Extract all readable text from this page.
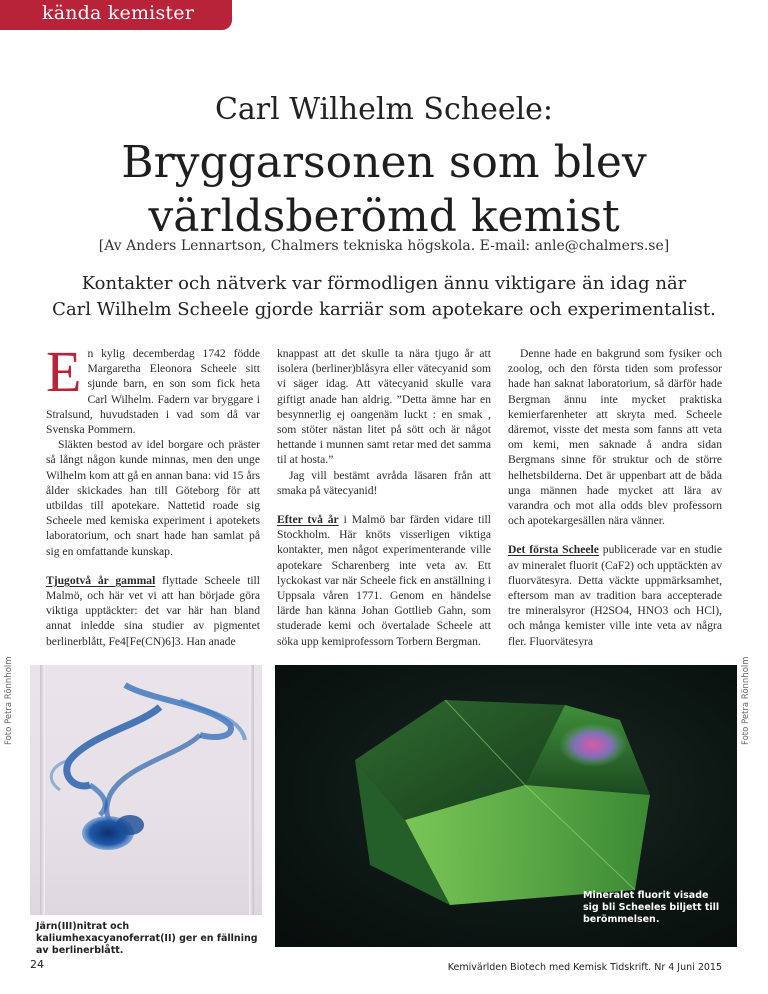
kända kemister
Carl Wilhelm Scheele:
Bryggarsonen som blev
världsberömd kemist
[Av Anders Lennartson, Chalmers tekniska högskola. E-mail: anle@chalmers.se]
Kontakter och nätverk var förmodligen ännu viktigare än idag när
Carl Wilhelm Scheele gjorde karriär som apotekare och experimentalist.

En kylig decemberdag 1742 födde Margaretha Eleonora Scheele sitt sjunde barn, en son som fick heta Carl Wilhelm. Fadern var bryggare i Stralsund, huvudstaden i vad som då var Svenska Pommern.

Släkten bestod av idel borgare och präster så långt någon kunde minnas, men den unge Wilhelm kom att gå en annan bana: vid 15 års ålder skickades han till Göteborg för att utbildas till apotekare. Nattetid roade sig Scheele med kemiska experiment i apotekets laboratorium, och snart hade han samlat på sig en omfattande kunskap.

Tjugotvå år gammal flyttade Scheele till Malmö, och här vet vi att han började göra viktiga upptäckter: det var här han bland annat inledde sina studier av pigmentet berlinerblått, Fe4[Fe(CN)6]3. Han anade

knappast att det skulle ta nära tjugo år att isolera (berliner)blåsyra eller vätecyanid som vi säger idag. Att vätecyanid skulle vara giftigt anade han aldrig. ”Detta ämne har en besynnerlig ej oangenäm luckt : en smak , som stöter nästan litet på sött och är något hettande i munnen samt retar med det samma til at hosta.”

Jag vill bestämt avråda läsaren från att smaka på vätecyanid!

Efter två år i Malmö bar färden vidare till Stockholm. Här knöts visserligen viktiga kontakter, men något experimenterande ville apotekare Scharenberg inte veta av. Ett lyckokast var när Scheele fick en anställning i Uppsala våren 1771. Genom en händelse lärde han känna Johan Gottlieb Gahn, som studerade kemi och övertalade Scheele att söka upp kemiprofessorn Torbern Bergman.

Denne hade en bakgrund som fysiker och zoolog, och den första tiden som professor hade han saknat laboratorium, så därför hade Bergman ännu inte mycket praktiska kemierfarenheter att skryta med. Scheele däremot, visste det mesta som fanns att veta om kemi, men saknade å andra sidan Bergmans sinne för struktur och de större helhetsbilderna. Det är uppenbart att de båda unga männen hade mycket att lära av varandra och mot alla odds blev professorn och apotekargesällen nära vänner.

Det första Scheele publicerade var en studie av mineralet fluorit (CaF2) och upptäckten av fluorvätesyra. Detta väckte uppmärksamhet, eftersom man av tradition bara accepterade tre mineralsyror (H2SO4, HNO3 och HCl), och många kemister ville inte veta av några fler. Fluorvätesyra

Foto Petra Rönnholm	Foto Petra Rönnholm
Järn(III)nitrat och kaliumhexacyanoferrat(II) ger en fällning av berlinerblått.
Mineralet fluorit visade sig bli Scheeles biljett till berömmelsen.
24	Kemivärlden Biotech med Kemisk Tidskrift. Nr 4 Juni 2015
